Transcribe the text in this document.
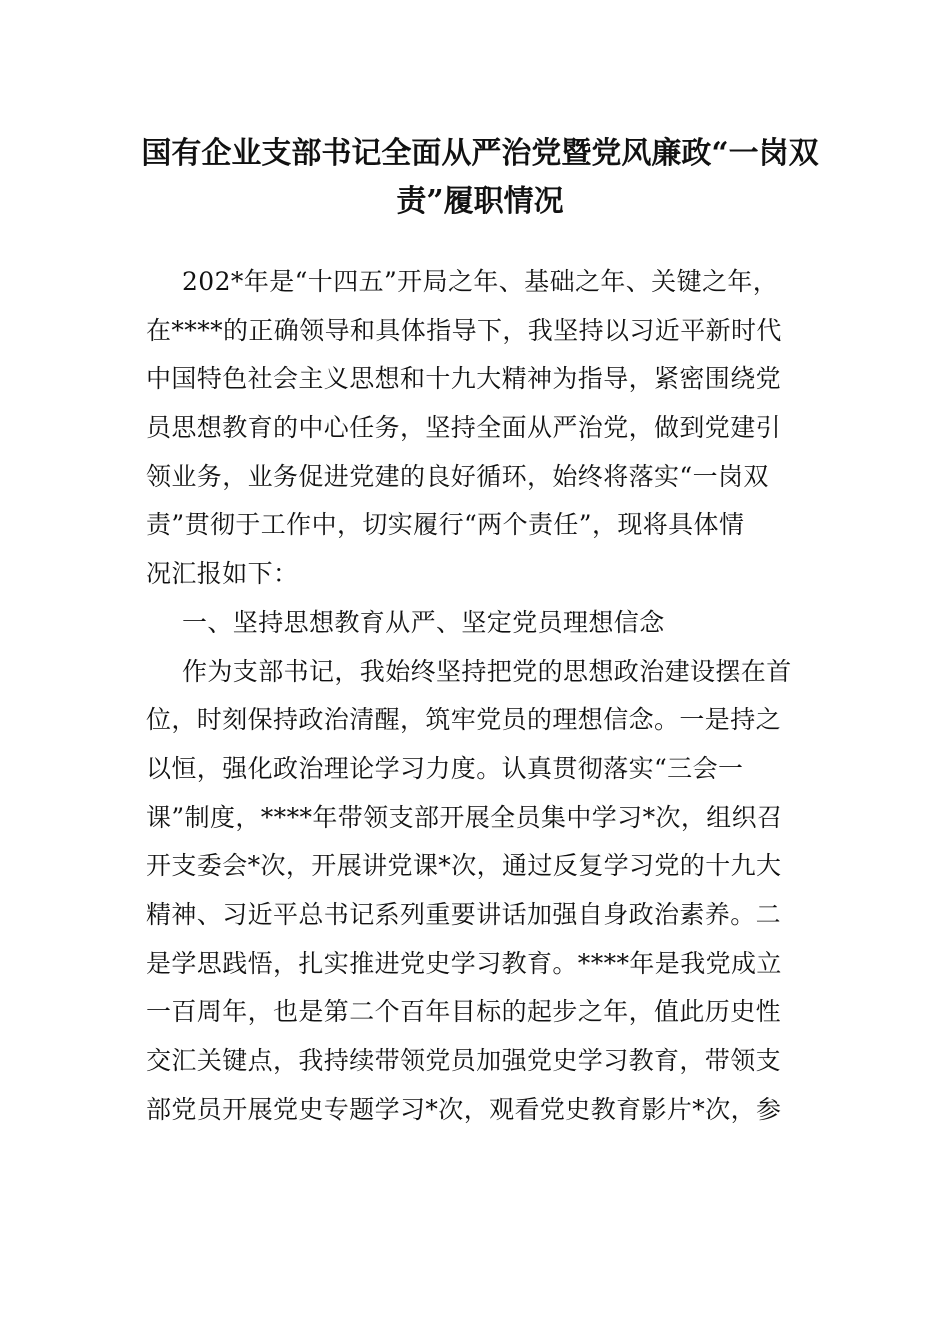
国有企业支部书记全面从严治党暨党风廉政“一岗双
责”履职情况
202*年是“十四五”开局之年、基础之年、关键之年，
在****的正确领导和具体指导下，我坚持以习近平新时代
中国特色社会主义思想和十九大精神为指导，紧密围绕党
员思想教育的中心任务，坚持全面从严治党，做到党建引
领业务，业务促进党建的良好循环，始终将落实“一岗双
责”贯彻于工作中，切实履行“两个责任”，现将具体情
况汇报如下：
一、坚持思想教育从严、坚定党员理想信念
作为支部书记，我始终坚持把党的思想政治建设摆在首
位，时刻保持政治清醒，筑牢党员的理想信念。一是持之
以恒，强化政治理论学习力度。认真贯彻落实“三会一
课”制度，****年带领支部开展全员集中学习*次，组织召
开支委会*次，开展讲党课*次，通过反复学习党的十九大
精神、习近平总书记系列重要讲话加强自身政治素养。二
是学思践悟，扎实推进党史学习教育。****年是我党成立
一百周年，也是第二个百年目标的起步之年，值此历史性
交汇关键点，我持续带领党员加强党史学习教育，带领支
部党员开展党史专题学习*次，观看党史教育影片*次，参
